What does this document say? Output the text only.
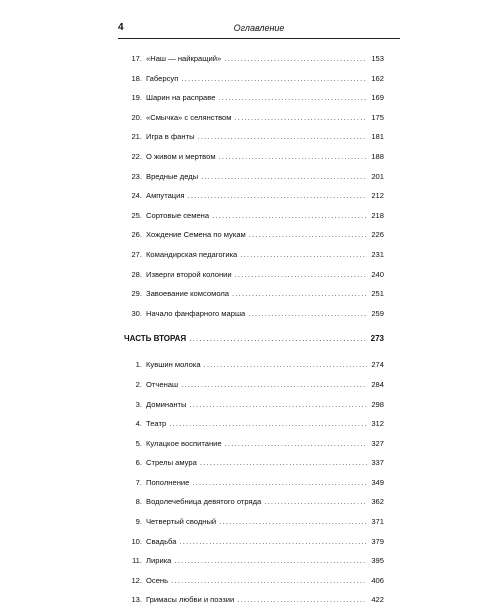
4	Оглавление
17. «Наш — найкращий» .....	153
18. Габерсуп .....	162
19. Шарин на расправе .....	169
20. «Смычка» с селянством .....	175
21. Игра в фанты .....	181
22. О живом и мертвом .....	188
23. Вредные деды .....	201
24. Ампутация .....	212
25. Сортовые семена .....	218
26. Хождение Семена по мукам .....	226
27. Командирская педагогика .....	231
28. Изверги второй колонии .....	240
29. Завоевание комсомола .....	251
30. Начало фанфарного марша .....	259
ЧАСТЬ ВТОРАЯ .....	273
1. Кувшин молока .....	274
2. Отченаш .....	284
3. Доминанты .....	298
4. Театр .....	312
5. Кулацкое воспитание .....	327
6. Стрелы амура .....	337
7. Пополнение .....	349
8. Водолечебница девятого отряда .....	362
9. Четвертый сводный .....	371
10. Свадьба .....	379
11. Лирика .....	395
12. Осень .....	406
13. Гримасы любви и поэзии .....	422
